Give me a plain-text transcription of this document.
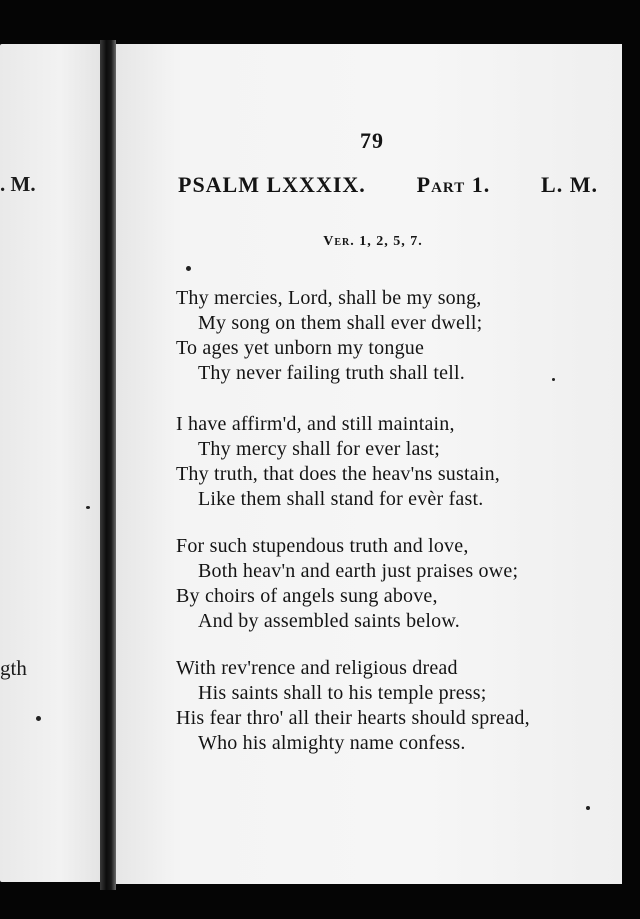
. M.
gth
79
PSALM LXXXIX. Part 1. L. M.
Ver. 1, 2, 5, 7.
Thy mercies, Lord, shall be my song,
My song on them shall ever dwell;
To ages yet unborn my tongue
Thy never failing truth shall tell.
I have affirm'd, and still maintain,
Thy mercy shall for ever last;
Thy truth, that does the heav'ns sustain,
Like them shall stand for evèr fast.
For such stupendous truth and love,
Both heav'n and earth just praises owe;
By choirs of angels sung above,
And by assembled saints below.
With rev'rence and religious dread
His saints shall to his temple press;
His fear thro' all their hearts should spread,
Who his almighty name confess.
